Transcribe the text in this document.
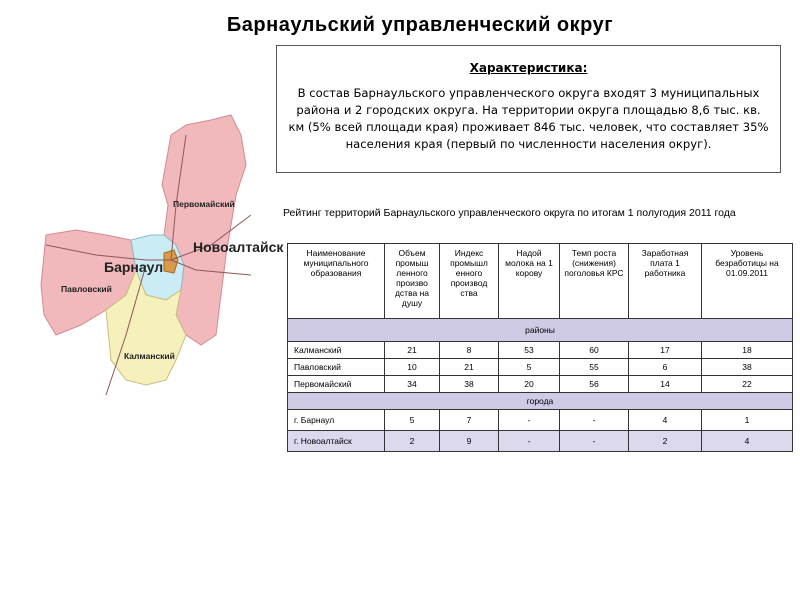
Барнаульский управленческий округ
Характеристика:
В состав Барнаульского управленческого округа входят 3 муниципальных района и 2 городских округа. На территории округа площадью 8,6 тыс. кв. км (5% всей площади края) проживает 846 тыс. человек, что составляет 35% населения края (первый по численности населения округ).
Первомайский
Новоалтайск
Барнаул
Павловский
Калманский
Рейтинг территорий Барнаульского управленческого округа по итогам 1 полугодия 2011 года
Наименование муниципального образования	Объем промыш ленного произво дства на душу	Индекс промышл енного производ ства	Надой молока на 1 корову	Темп роста (снижения) поголовья КРС	Заработная плата 1 работника	Уровень безработицы на 01.09.2011
районы						
Калманский	21	8	53	60	17	18
Павловский	10	21	5	55	6	38
Первомайский	34	38	20	56	14	22
города						
г. Барнаул	5	7	-	-	4	1
г. Новоалтайск	2	9	-	-	2	4
